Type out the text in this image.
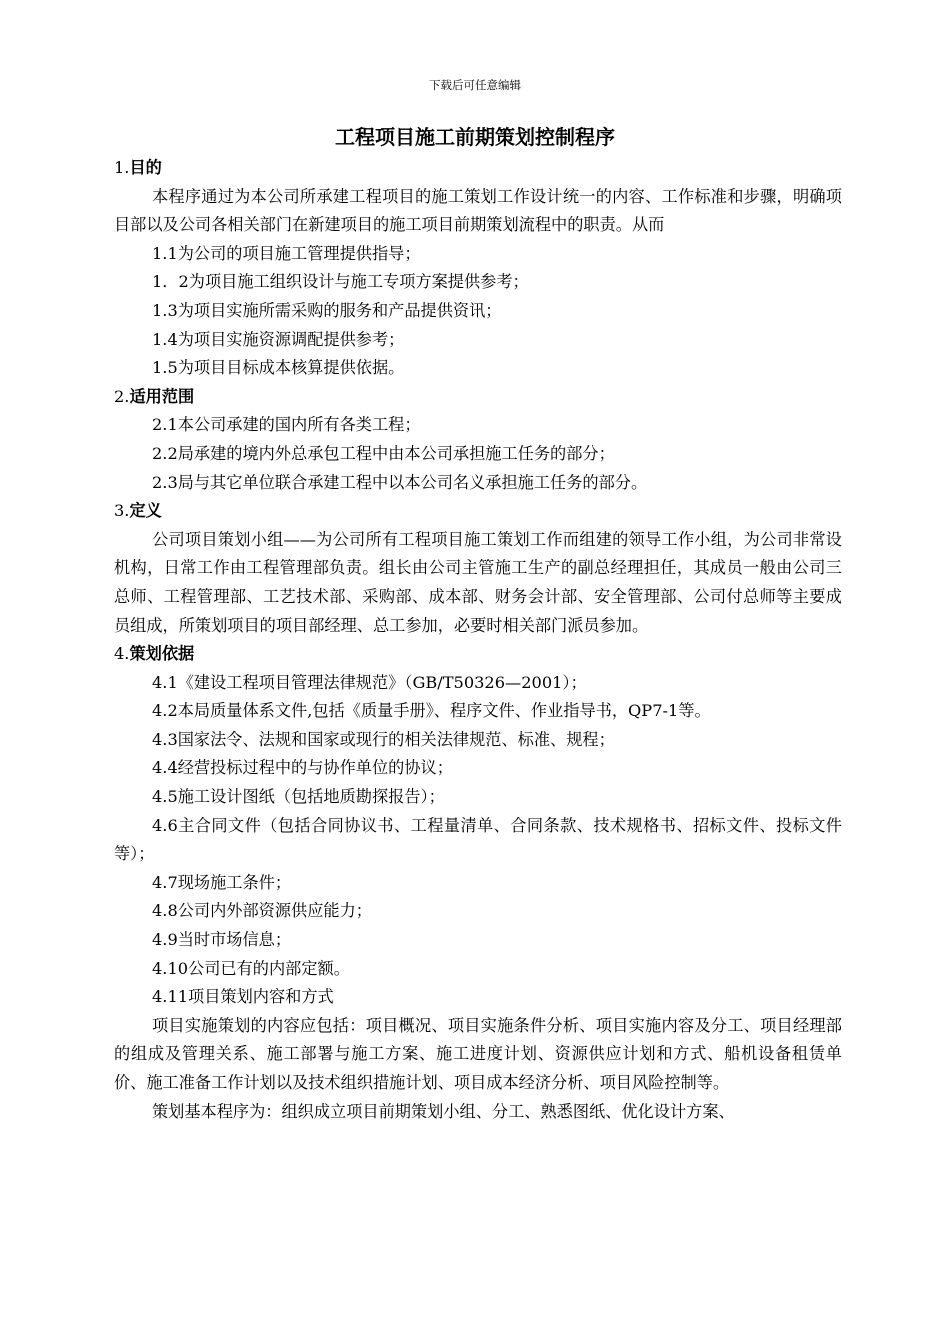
下载后可任意编辑
工程项目施工前期策划控制程序

1.目的

本程序通过为本公司所承建工程项目的施工策划工作设计统一的内容、工作标准和步骤，明确项目部以及公司各相关部门在新建项目的施工项目前期策划流程中的职责。从而

1.1为公司的项目施工管理提供指导；

1．2为项目施工组织设计与施工专项方案提供参考；

1.3为项目实施所需采购的服务和产品提供资讯；

1.4为项目实施资源调配提供参考；

1.5为项目目标成本核算提供依据。

2.适用范围

2.1本公司承建的国内所有各类工程；

2.2局承建的境内外总承包工程中由本公司承担施工任务的部分；

2.3局与其它单位联合承建工程中以本公司名义承担施工任务的部分。

3.定义

公司项目策划小组——为公司所有工程项目施工策划工作而组建的领导工作小组，为公司非常设机构，日常工作由工程管理部负责。组长由公司主管施工生产的副总经理担任，其成员一般由公司三总师、工程管理部、工艺技术部、采购部、成本部、财务会计部、安全管理部、公司付总师等主要成员组成，所策划项目的项目部经理、总工参加，必要时相关部门派员参加。

4.策划依据

4.1《建设工程项目管理法律规范》（GB/T50326—2001）；

4.2本局质量体系文件,包括《质量手册》、程序文件、作业指导书，QP7-1等。

4.3国家法令、法规和国家或现行的相关法律规范、标准、规程；

4.4经营投标过程中的与协作单位的协议；

4.5施工设计图纸（包括地质勘探报告）；

4.6主合同文件（包括合同协议书、工程量清单、合同条款、技术规格书、招标文件、投标文件等）；

4.7现场施工条件；

4.8公司内外部资源供应能力；

4.9当时市场信息；

4.10公司已有的内部定额。

4.11项目策划内容和方式

项目实施策划的内容应包括：项目概况、项目实施条件分析、项目实施内容及分工、项目经理部的组成及管理关系、施工部署与施工方案、施工进度计划、资源供应计划和方式、船机设备租赁单价、施工准备工作计划以及技术组织措施计划、项目成本经济分析、项目风险控制等。

策划基本程序为：组织成立项目前期策划小组、分工、熟悉图纸、优化设计方案、
